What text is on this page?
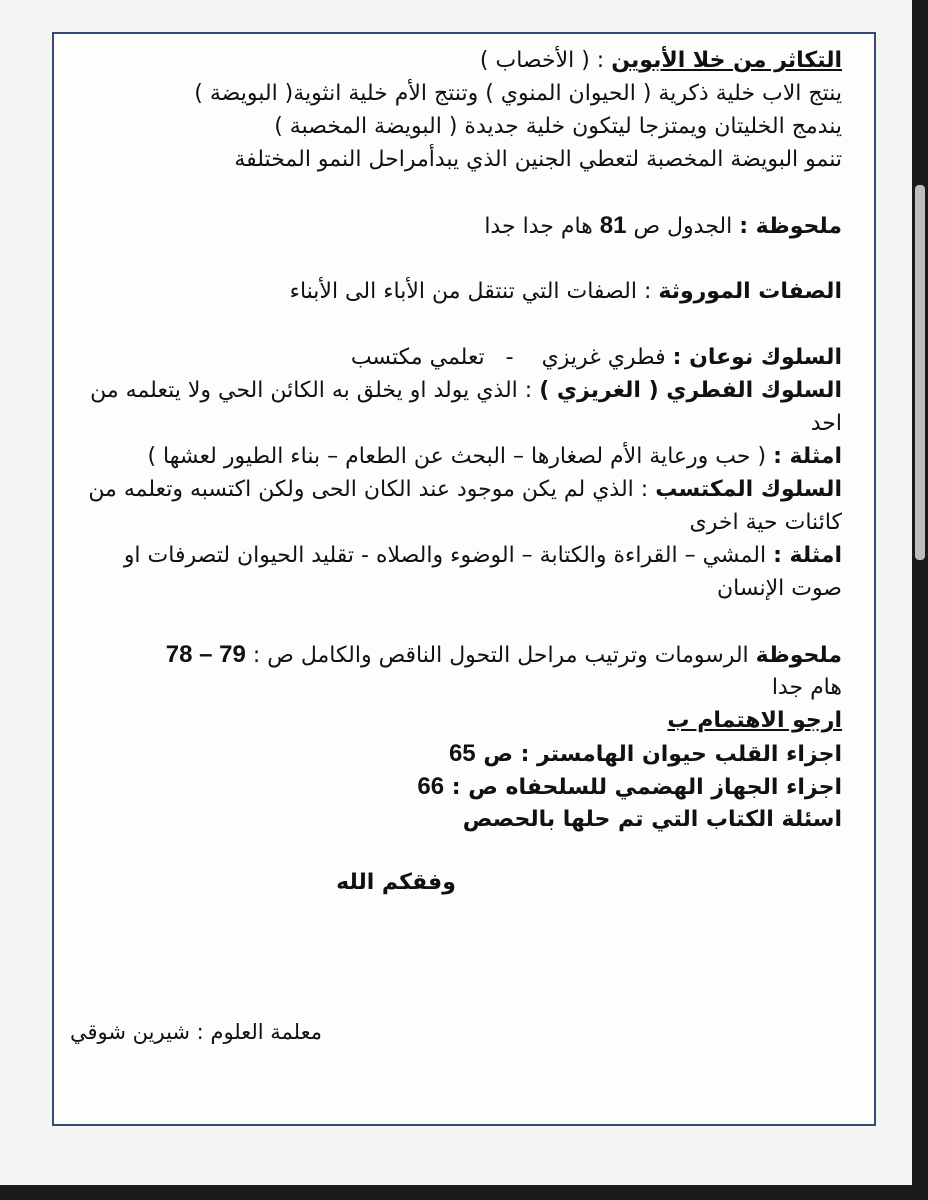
التكاثر من خلا الأبوين : ( الأخصاب )
ينتج الاب خلية ذكرية ( الحيوان المنوي ) وتنتج الأم خلية انثوية( البويضة )
يندمج الخليتان ويمتزجا ليتكون خلية جديدة ( البويضة المخصبة )
تنمو البويضة المخصبة لتعطي الجنين الذي يبدأمراحل النمو المختلفة
ملحوظة : الجدول ص 81 هام جدا جدا
الصفات الموروثة : الصفات التي تنتقل من الأباء الى الأبناء
السلوك نوعان : فطري غريزي    -   تعلمي مكتسب
السلوك الفطري ( الغريزي ) : الذي يولد او يخلق به الكائن الحي ولا يتعلمه من احد
امثلة : ( حب ورعاية الأم لصغارها – البحث عن الطعام – بناء الطيور لعشها )
السلوك المكتسب : الذي لم يكن موجود عند الكان الحى ولكن اكتسبه وتعلمه من كائنات حية اخرى
امثلة : المشي – القراءة والكتابة – الوضوء والصلاه - تقليد الحيوان لتصرفات او صوت الإنسان
ملحوظة الرسومات وترتيب مراحل التحول الناقص والكامل ص : 78 – 79
هام جدا
ارجو الاهتمام ب
اجزاء القلب حيوان الهامستر : ص 65
اجزاء الجهاز الهضمي للسلحفاه ص : 66
اسئلة الكتاب التي تم حلها بالحصص
وفقكم الله
معلمة العلوم : شيرين شوقي
